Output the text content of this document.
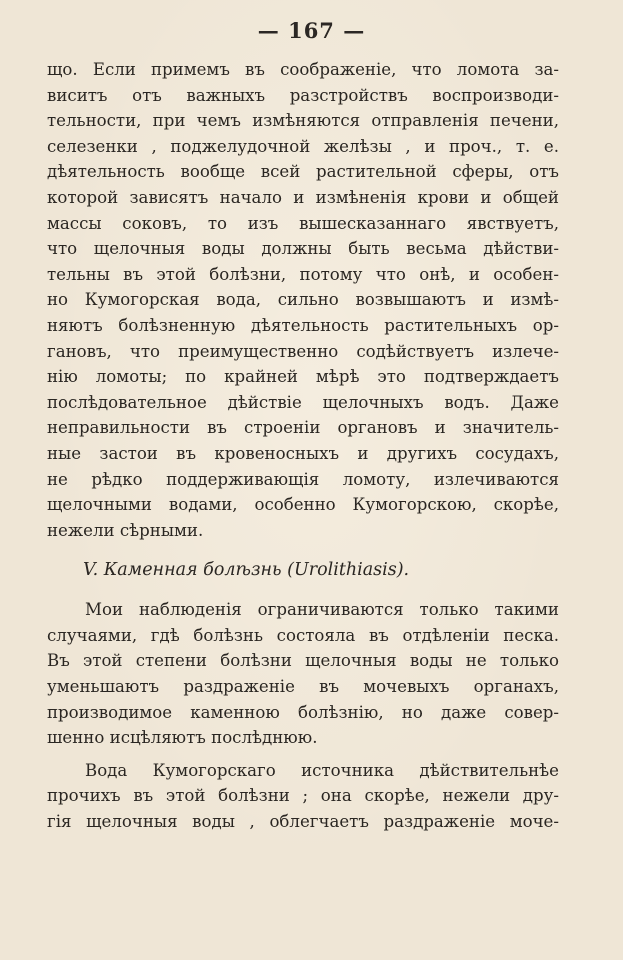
— 167 —
що. Если примемъ въ соображеніе, что ломота за-
виситъ отъ важныхъ разстройствъ воспроизводи-
тельности, при чемъ измѣняются отправленія печени,
селезенки , поджелудочной желѣзы , и проч., т. е.
дѣятельность вообще всей растительной сферы, отъ
которой зависятъ начало и измѣненія крови и общей
массы соковъ, то изъ вышесказаннаго явствуетъ,
что щелочныя воды должны быть весьма дѣйстви-
тельны въ этой болѣзни, потому что онѣ, и особен-
но Кумогорская вода, сильно возвышаютъ и измѣ-
няютъ болѣзненную дѣятельность растительныхъ ор-
гановъ, что преимущественно содѣйствуетъ излече-
нію ломоты; по крайней мѣрѣ это подтверждаетъ
послѣдовательное дѣйствіе щелочныхъ водъ. Даже
неправильности въ строеніи органовъ и значитель-
ные застои въ кровеносныхъ и другихъ сосудахъ,
не рѣдко поддерживающія ломоту, излечиваются
щелочными водами, особенно Кумогорскою, скорѣе,
нежели сѣрными.
V. Каменная болѣзнь (Urolithiasis).
Мои наблюденія ограничиваются только такими
случаями, гдѣ болѣзнь состояла въ отдѣленіи песка.
Въ этой степени болѣзни щелочныя воды не только
уменьшаютъ раздраженіе въ мочевыхъ органахъ,
производимое каменною болѣзнію, но даже совер-
шенно исцѣляютъ послѣднюю.
Вода Кумогорскаго источника дѣйствительнѣе
прочихъ въ этой болѣзни ; она скорѣе, нежели дру-
гія щелочныя воды , облегчаетъ раздраженіе моче-
